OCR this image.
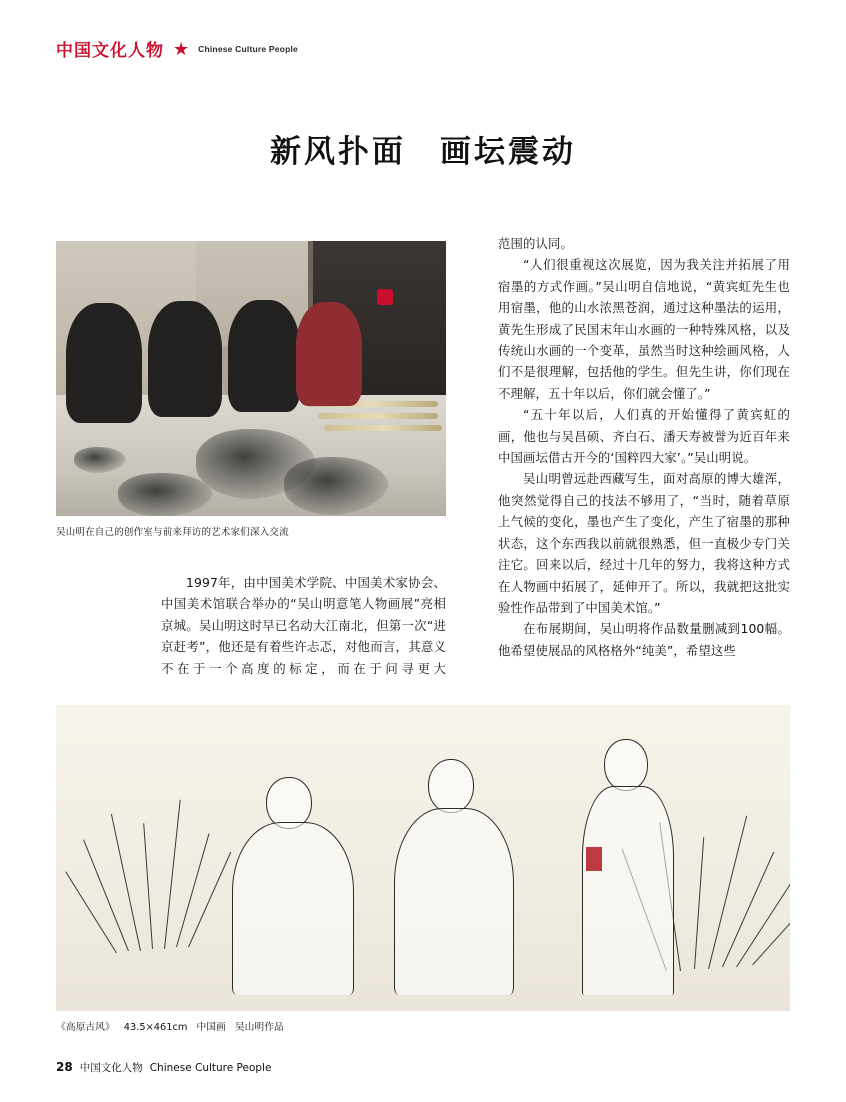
中国文化人物 ★ Chinese Culture People
新风扑面 画坛震动
吴山明在自己的创作室与前来拜访的艺术家们深入交流

1997年，由中国美术学院、中国美术家协会、中国美术馆联合举办的“吴山明意笔人物画展”亮相京城。吴山明这时早已名动大江南北，但第一次“进京赶考”，他还是有着些许忐忑，对他而言，其意义不在于一个高度的标定，而在于问寻更大

范围的认同。

“人们很重视这次展览，因为我关注并拓展了用宿墨的方式作画。”吴山明自信地说，“黄宾虹先生也用宿墨，他的山水浓黑苍润，通过这种墨法的运用，黄先生形成了民国末年山水画的一种特殊风格，以及传统山水画的一个变革，虽然当时这种绘画风格，人们不是很理解，包括他的学生。但先生讲，你们现在不理解，五十年以后，你们就会懂了。”

“五十年以后，人们真的开始懂得了黄宾虹的画，他也与吴昌硕、齐白石、潘天寿被誉为近百年来中国画坛借古开今的‘国粹四大家’。”吴山明说。

吴山明曾远赴西藏写生，面对高原的博大雄浑，他突然觉得自己的技法不够用了，“当时，随着草原上气候的变化，墨也产生了变化，产生了宿墨的那种状态，这个东西我以前就很熟悉，但一直极少专门关注它。回来以后，经过十几年的努力，我将这种方式在人物画中拓展了，延伸开了。所以，我就把这批实验性作品带到了中国美术馆。”

在布展期间，吴山明将作品数量删减到100幅。他希望使展品的风格格外“纯美”，希望这些

《高原古风》 43.5×461cm 中国画 吴山明作品
28 中国文化人物 Chinese Culture People
